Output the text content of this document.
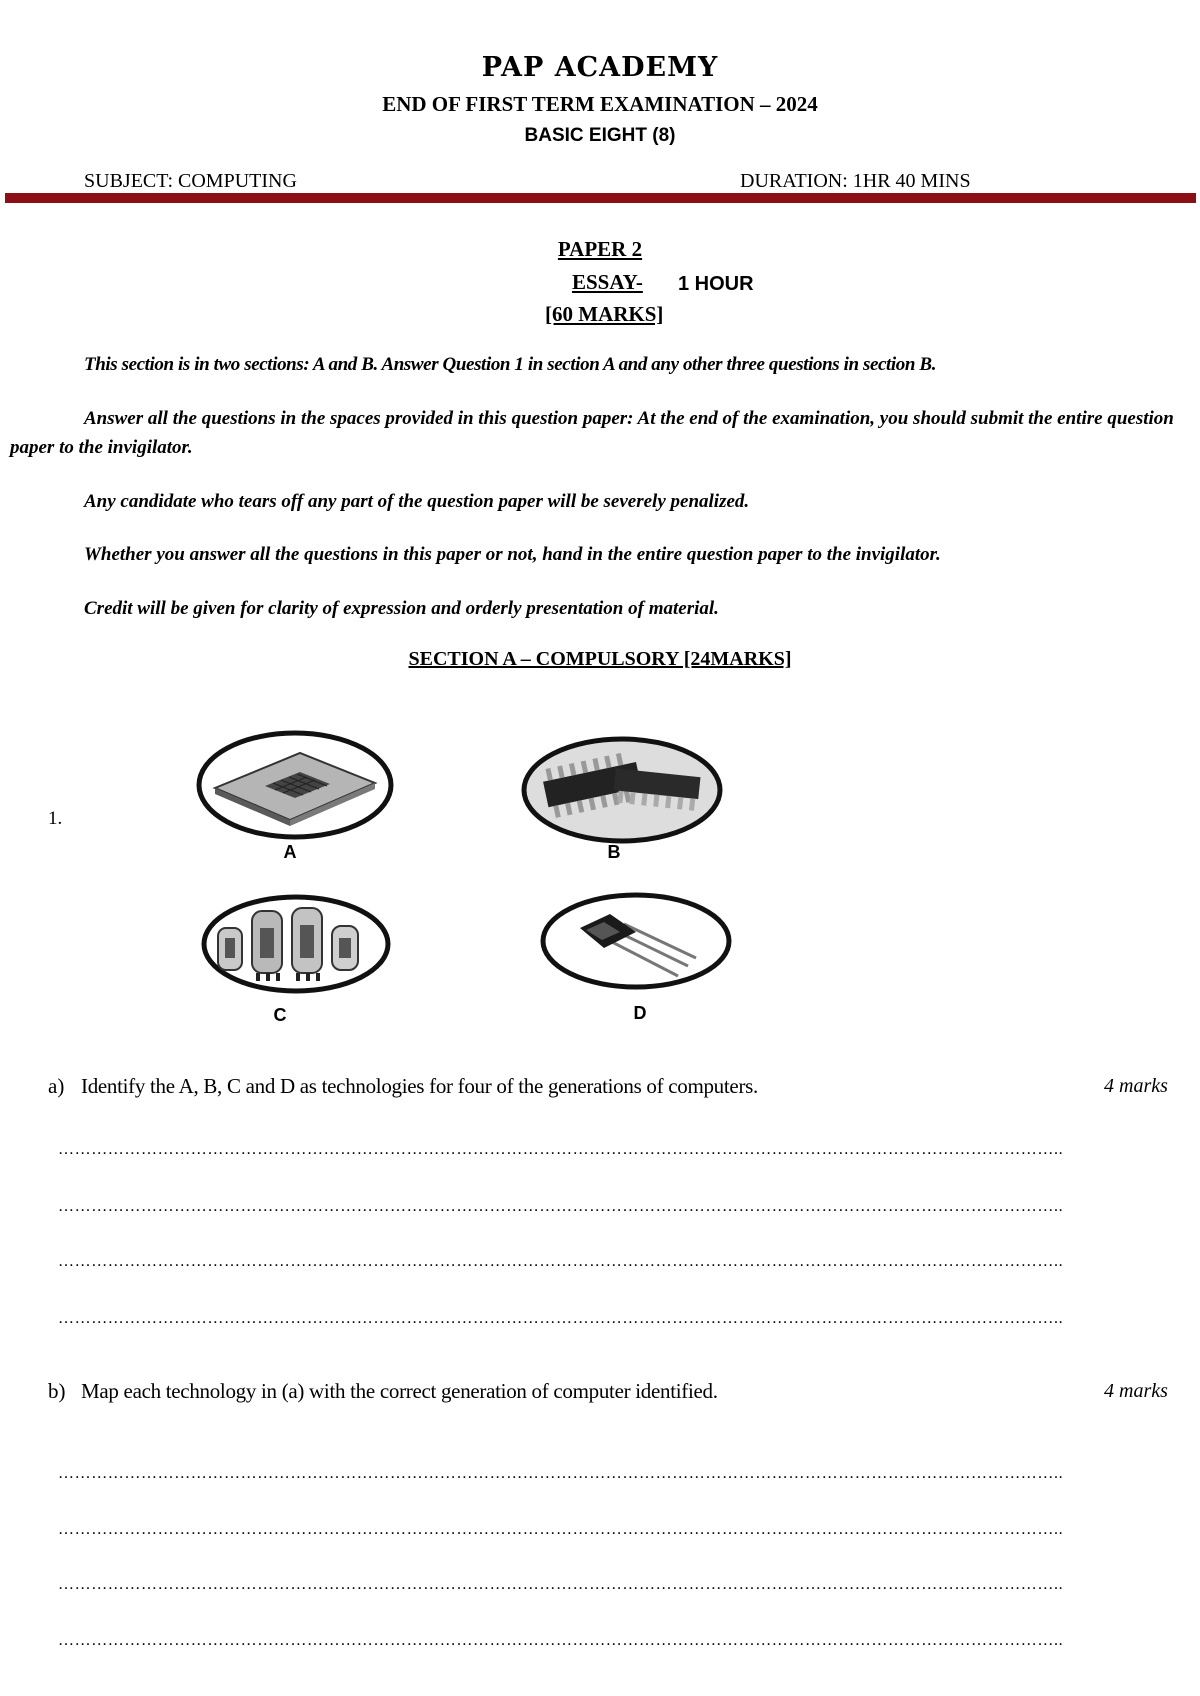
PAP ACADEMY
END OF FIRST TERM EXAMINATION – 2024
BASIC EIGHT (8)
SUBJECT: COMPUTING	DURATION: 1HR 40 MINS
PAPER 2
ESSAY- 1 HOUR
[60 MARKS]
This section is in two sections: A and B. Answer Question 1 in section A and any other three questions in section B.
Answer all the questions in the spaces provided in this question paper: At the end of the examination, you should submit the entire question paper to the invigilator.
Any candidate who tears off any part of the question paper will be severely penalized.
Whether you answer all the questions in this paper or not, hand in the entire question paper to the invigilator.
Credit will be given for clarity of expression and orderly presentation of material.
SECTION A – COMPULSORY [24MARKS]
1.
A	B
C	D
a) Identify the A, B, C and D as technologies for four of the generations of computers.	4 marks
………………………………………………………………………………………………………………………………………………………………..
………………………………………………………………………………………………………………………………………………………………..
………………………………………………………………………………………………………………………………………………………………..
………………………………………………………………………………………………………………………………………………………………..
b) Map each technology in (a) with the correct generation of computer identified.	4 marks
………………………………………………………………………………………………………………………………………………………………..
………………………………………………………………………………………………………………………………………………………………..
………………………………………………………………………………………………………………………………………………………………..
………………………………………………………………………………………………………………………………………………………………..
